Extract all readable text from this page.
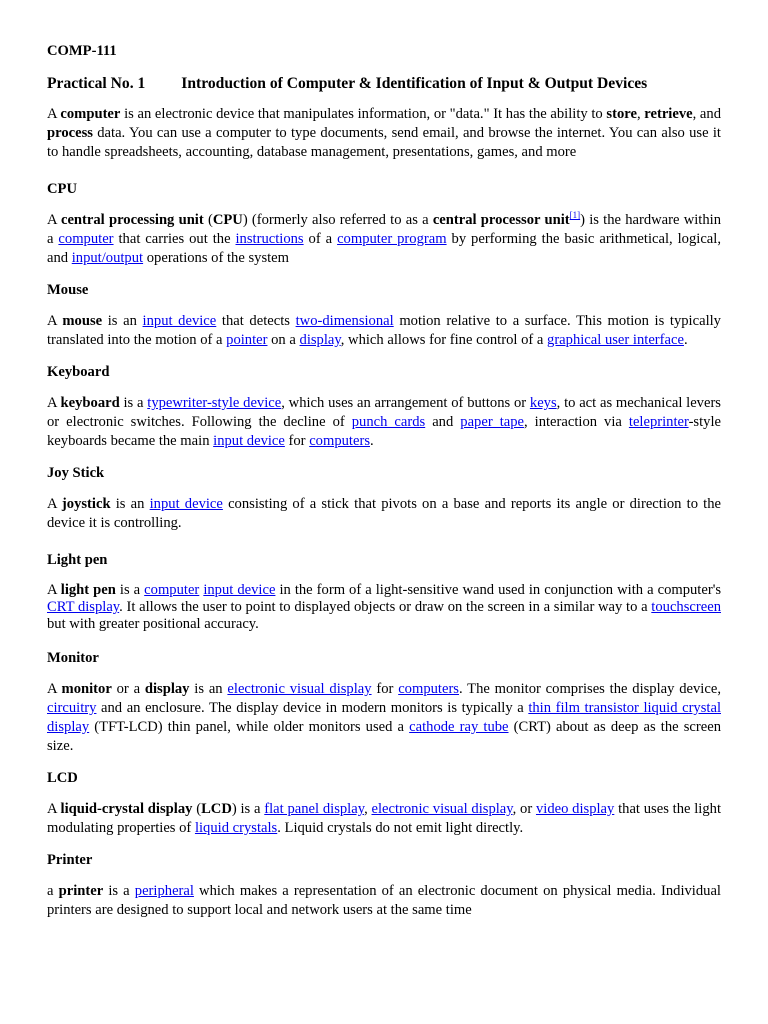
COMP-111
Practical No. 1 Introduction of Computer & Identification of Input & Output Devices

A computer is an electronic device that manipulates information, or "data." It has the ability to store, retrieve, and process data. You can use a computer to type documents, send email, and browse the internet. You can also use it to handle spreadsheets, accounting, database management, presentations, games, and more

CPU

A central processing unit (CPU) (formerly also referred to as a central processor unit[1]) is the hardware within a computer that carries out the instructions of a computer program by performing the basic arithmetical, logical, and input/output operations of the system

Mouse

A mouse is an input device that detects two-dimensional motion relative to a surface. This motion is typically translated into the motion of a pointer on a display, which allows for fine control of a graphical user interface.

Keyboard

A keyboard is a typewriter-style device, which uses an arrangement of buttons or keys, to act as mechanical levers or electronic switches. Following the decline of punch cards and paper tape, interaction via teleprinter-style keyboards became the main input device for computers.

Joy Stick

A joystick is an input device consisting of a stick that pivots on a base and reports its angle or direction to the device it is controlling.

Light pen

A light pen is a computer input device in the form of a light-sensitive wand used in conjunction with a computer's CRT display. It allows the user to point to displayed objects or draw on the screen in a similar way to a touchscreen but with greater positional accuracy.

Monitor

A monitor or a display is an electronic visual display for computers. The monitor comprises the display device, circuitry and an enclosure. The display device in modern monitors is typically a thin film transistor liquid crystal display (TFT-LCD) thin panel, while older monitors used a cathode ray tube (CRT) about as deep as the screen size.

LCD

A liquid-crystal display (LCD) is a flat panel display, electronic visual display, or video display that uses the light modulating properties of liquid crystals. Liquid crystals do not emit light directly.

Printer

a printer is a peripheral which makes a representation of an electronic document on physical media. Individual printers are designed to support local and network users at the same time
